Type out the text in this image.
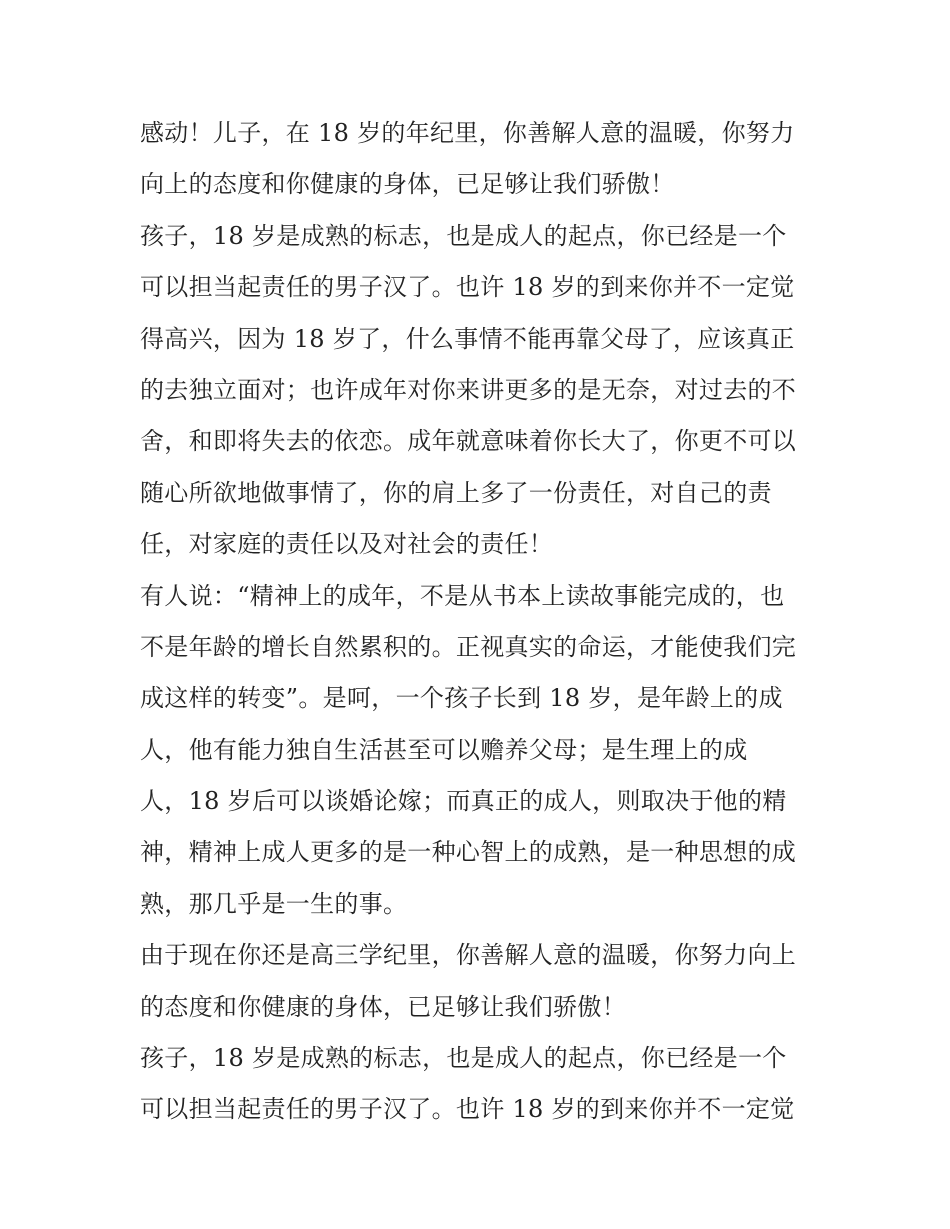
感动！儿子，在 18 岁的年纪里，你善解人意的温暖，你努力
向上的态度和你健康的身体，已足够让我们骄傲！
孩子，18 岁是成熟的标志，也是成人的起点，你已经是一个
可以担当起责任的男子汉了。也许 18 岁的到来你并不一定觉
得高兴，因为 18 岁了，什么事情不能再靠父母了，应该真正
的去独立面对；也许成年对你来讲更多的是无奈，对过去的不
舍，和即将失去的依恋。成年就意味着你长大了，你更不可以
随心所欲地做事情了，你的肩上多了一份责任，对自己的责
任，对家庭的责任以及对社会的责任！
有人说：“精神上的成年，不是从书本上读故事能完成的，也
不是年龄的增长自然累积的。正视真实的命运，才能使我们完
成这样的转变”。是呵，一个孩子长到 18 岁，是年龄上的成
人，他有能力独自生活甚至可以赡养父母；是生理上的成
人，18 岁后可以谈婚论嫁；而真正的成人，则取决于他的精
神，精神上成人更多的是一种心智上的成熟，是一种思想的成
熟，那几乎是一生的事。
由于现在你还是高三学纪里，你善解人意的温暖，你努力向上
的态度和你健康的身体，已足够让我们骄傲！
孩子，18 岁是成熟的标志，也是成人的起点，你已经是一个
可以担当起责任的男子汉了。也许 18 岁的到来你并不一定觉
